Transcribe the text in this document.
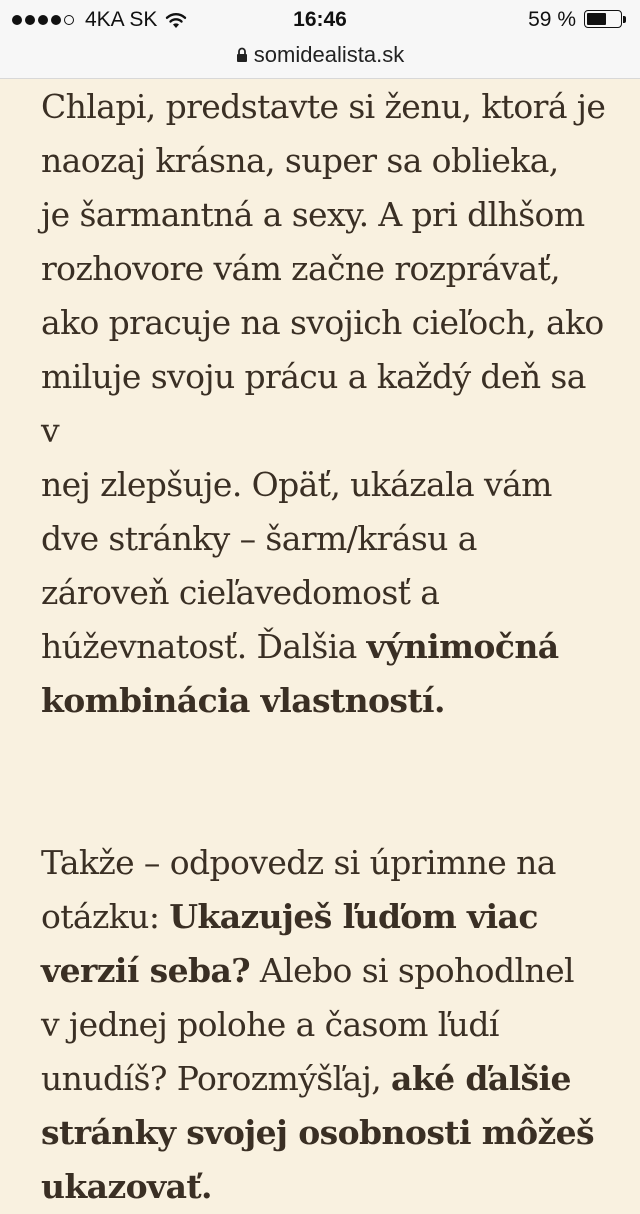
4KA SK	16:46	59 %
somidealista.sk

Chlapi, predstavte si ženu, ktorá je

naozaj krásna, super sa oblieka,

je šarmantná a sexy. A pri dlhšom

rozhovore vám začne rozprávať,

ako pracuje na svojich cieľoch, ako

miluje svoju prácu a každý deň sa v

nej zlepšuje. Opäť, ukázala vám

dve stránky – šarm/krásu a

zároveň cieľavedomosť a

húževnatosť. Ďalšia výnimočná

kombinácia vlastností.

Takže – odpovedz si úprimne na

otázku: Ukazuješ ľuďom viac

verzií seba? Alebo si spohodlnel

v jednej polohe a časom ľudí

unudíš? Porozmýšľaj, aké ďalšie

stránky svojej osobnosti môžeš

ukazovať.
